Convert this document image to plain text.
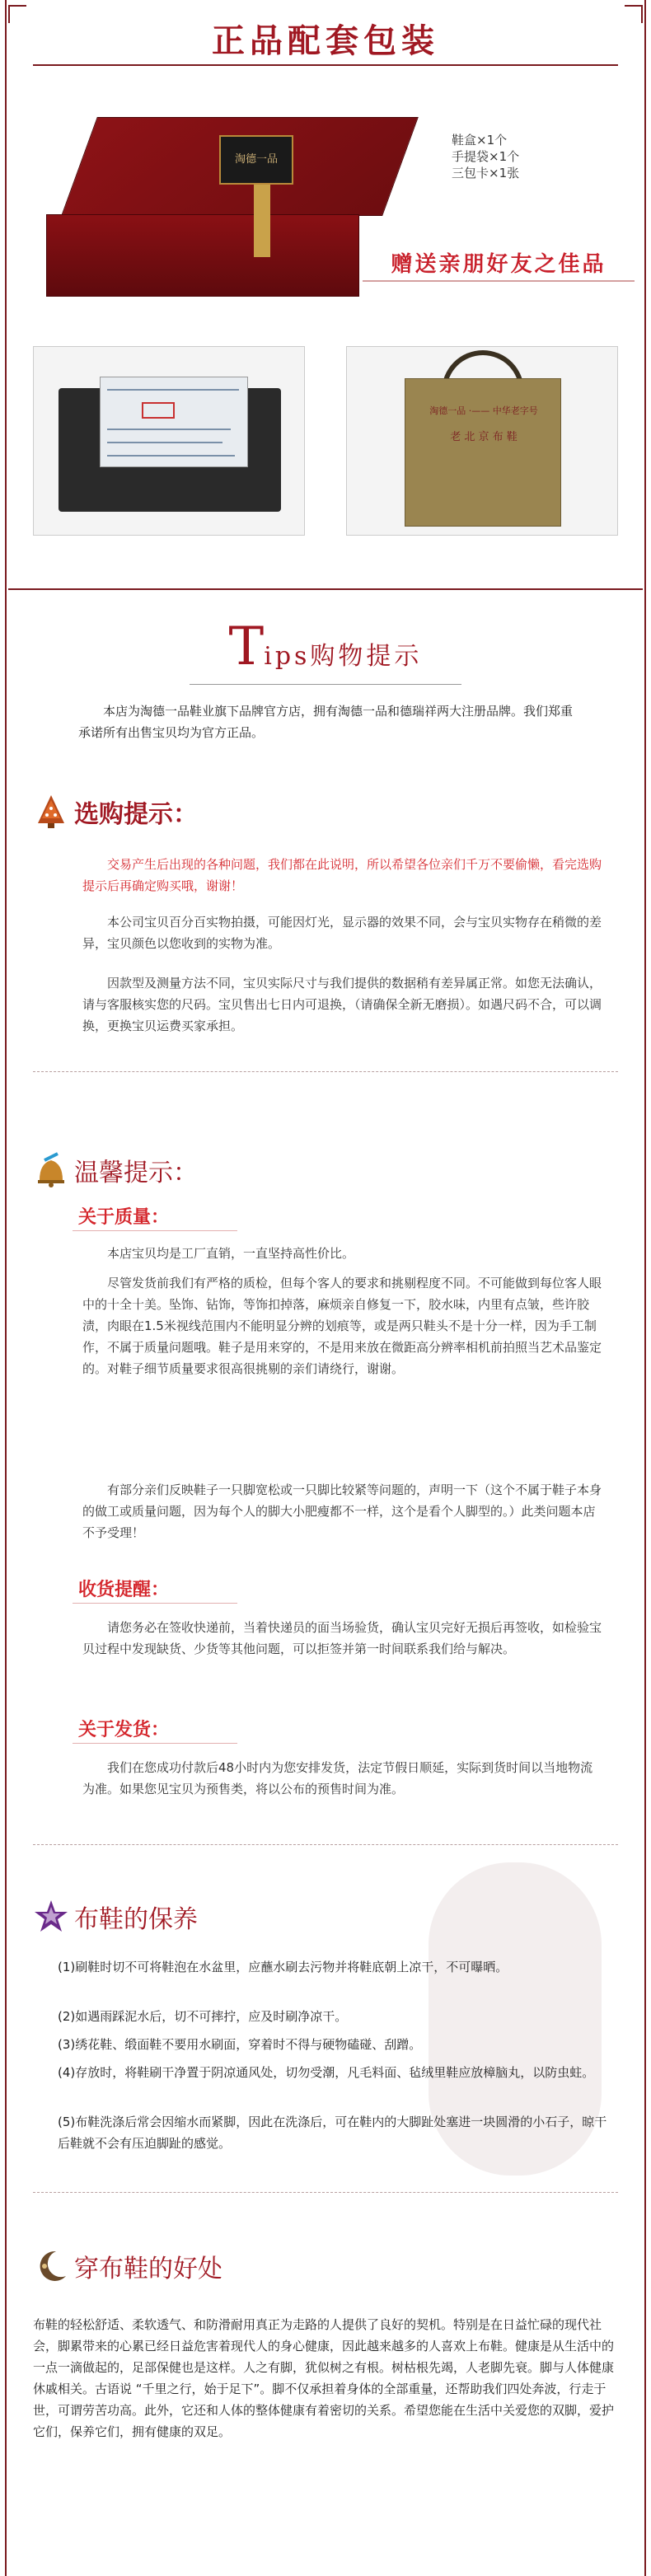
正品配套包装
淘德一品
鞋盒×1个
手提袋×1个
三包卡×1张
赠送亲朋好友之佳品
淘德一品 ·—— 中华老字号
老 北 京 布 鞋
Tips购物提示
本店为淘德一品鞋业旗下品牌官方店，拥有淘德一品和德瑞祥两大注册品牌。我们郑重承诺所有出售宝贝均为官方正品。
选购提示：
交易产生后出现的各种问题，我们都在此说明，所以希望各位亲们千万不要偷懒，看完选购提示后再确定购买哦，谢谢！
本公司宝贝百分百实物拍摄，可能因灯光，显示器的效果不同，会与宝贝实物存在稍微的差异，宝贝颜色以您收到的实物为准。
因款型及测量方法不同，宝贝实际尺寸与我们提供的数据稍有差异属正常。如您无法确认，请与客服核实您的尺码。宝贝售出七日内可退换，（请确保全新无磨损）。如遇尺码不合，可以调换，更换宝贝运费买家承担。
温馨提示：
关于质量：
本店宝贝均是工厂直销，一直坚持高性价比。
尽管发货前我们有严格的质检，但每个客人的要求和挑剔程度不同。不可能做到每位客人眼中的十全十美。坠饰、钻饰，等饰扣掉落，麻烦亲自修复一下，胶水味，内里有点皱，些许胶渍，肉眼在1.5米视线范围内不能明显分辨的划痕等，或是两只鞋头不是十分一样，因为手工制作，不属于质量问题哦。鞋子是用来穿的，不是用来放在微距高分辨率相机前拍照当艺术品鉴定的。对鞋子细节质量要求很高很挑剔的亲们请绕行，谢谢。
有部分亲们反映鞋子一只脚宽松或一只脚比较紧等问题的，声明一下（这个不属于鞋子本身的做工或质量问题，因为每个人的脚大小肥瘦都不一样，这个是看个人脚型的。）此类问题本店不予受理！
收货提醒：
请您务必在签收快递前，当着快递员的面当场验货，确认宝贝完好无损后再签收，如检验宝贝过程中发现缺货、少货等其他问题，可以拒签并第一时间联系我们给与解决。
关于发货：
我们在您成功付款后48小时内为您安排发货，法定节假日顺延，实际到货时间以当地物流为准。如果您见宝贝为预售类，将以公布的预售时间为准。
布鞋的保养
(1)刷鞋时切不可将鞋泡在水盆里，应蘸水刷去污物并将鞋底朝上凉干，不可曝晒。
(2)如遇雨踩泥水后，切不可摔拧，应及时刷净凉干。
(3)绣花鞋、缎面鞋不要用水刷面，穿着时不得与硬物磕碰、刮蹭。
(4)存放时，将鞋刷干净置于阴凉通风处，切勿受潮，凡毛料面、毡绒里鞋应放樟脑丸，以防虫蛀。
(5)布鞋洗涤后常会因缩水而紧脚，因此在洗涤后，可在鞋内的大脚趾处塞进一块圆滑的小石子，晾干后鞋就不会有压迫脚趾的感觉。
穿布鞋的好处
布鞋的轻松舒适、柔软透气、和防滑耐用真正为走路的人提供了良好的契机。特别是在日益忙碌的现代社会，脚累带来的心累已经日益危害着现代人的身心健康，因此越来越多的人喜欢上布鞋。健康是从生活中的一点一滴做起的，足部保健也是这样。人之有脚，犹似树之有根。树枯根先竭，人老脚先衰。脚与人体健康休戚相关。古语说 “千里之行，始于足下”。脚不仅承担着身体的全部重量，还帮助我们四处奔波，行走于世，可谓劳苦功高。此外，它还和人体的整体健康有着密切的关系。希望您能在生活中关爱您的双脚，爱护它们，保养它们，拥有健康的双足。
